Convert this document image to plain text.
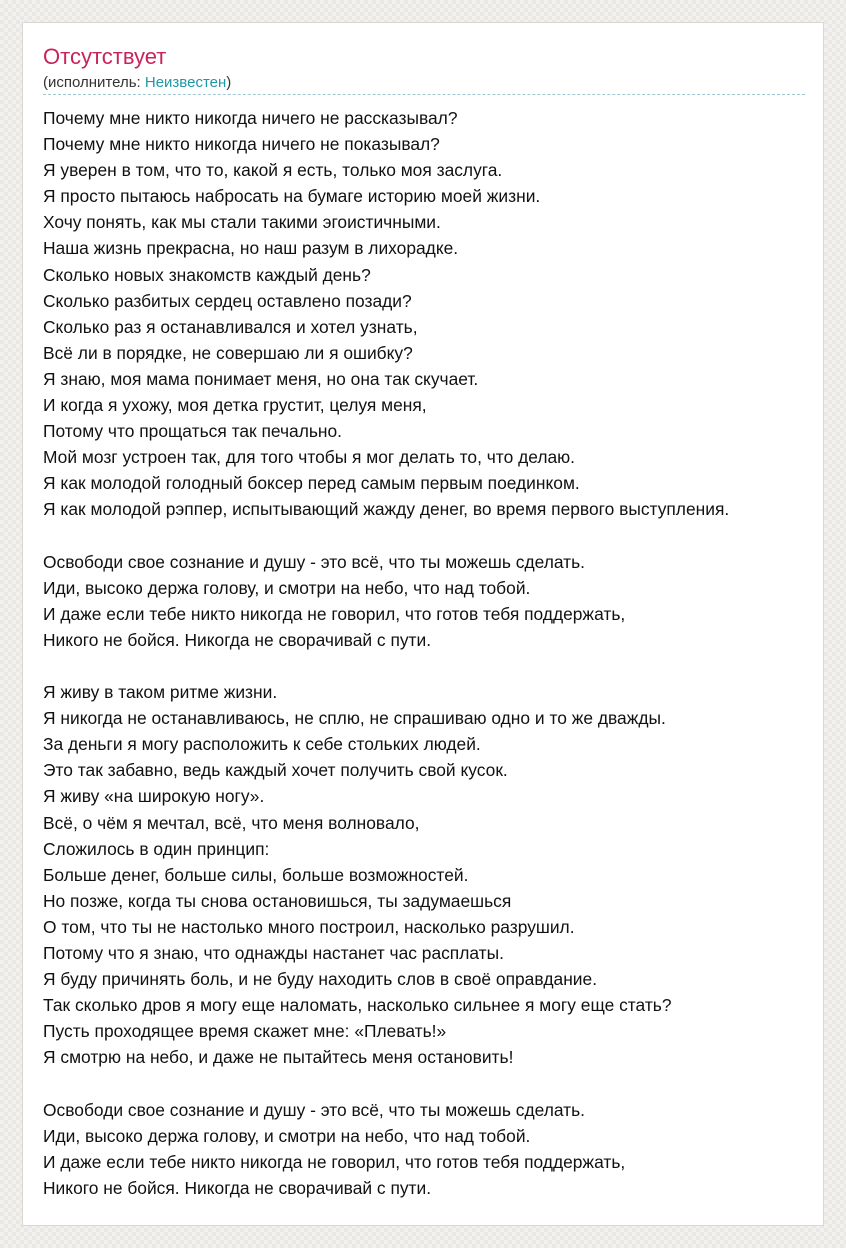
Отсутствует
(исполнитель: Неизвестен)
Почему мне никто никогда ничего не рассказывал?
Почему мне никто никогда ничего не показывал?
Я уверен в том, что то, какой я есть, только моя заслуга.
Я просто пытаюсь набросать на бумаге историю моей жизни.
Хочу понять, как мы стали такими эгоистичными.
Наша жизнь прекрасна, но наш разум в лихорадке.
Сколько новых знакомств каждый день?
Сколько разбитых сердец оставлено позади?
Сколько раз я останавливался и хотел узнать,
Всё ли в порядке, не совершаю ли я ошибку?
Я знаю, моя мама понимает меня, но она так скучает.
И когда я ухожу, моя детка грустит, целуя меня,
Потому что прощаться так печально.
Мой мозг устроен так, для того чтобы я мог делать то, что делаю.
Я как молодой голодный боксер перед самым первым поединком.
Я как молодой рэппер, испытывающий жажду денег, во время первого выступления.
Освободи свое сознание и душу - это всё, что ты можешь сделать.
Иди, высоко держа голову, и смотри на небо, что над тобой.
И даже если тебе никто никогда не говорил, что готов тебя поддержать,
Никого не бойся. Никогда не сворачивай с пути.
Я живу в таком ритме жизни.
Я никогда не останавливаюсь, не сплю, не спрашиваю одно и то же дважды.
За деньги я могу расположить к себе стольких людей.
Это так забавно, ведь каждый хочет получить свой кусок.
Я живу «на широкую ногу».
Всё, о чём я мечтал, всё, что меня волновало,
Сложилось в один принцип:
Больше денег, больше силы, больше возможностей.
Но позже, когда ты снова остановишься, ты задумаешься
О том, что ты не настолько много построил, насколько разрушил.
Потому что я знаю, что однажды настанет час расплаты.
Я буду причинять боль, и не буду находить слов в своё оправдание.
Так сколько дров я могу еще наломать, насколько сильнее я могу еще стать?
Пусть проходящее время скажет мне: «Плевать!»
Я смотрю на небо, и даже не пытайтесь меня остановить!
Освободи свое сознание и душу - это всё, что ты можешь сделать.
Иди, высоко держа голову, и смотри на небо, что над тобой.
И даже если тебе никто никогда не говорил, что готов тебя поддержать,
Никого не бойся. Никогда не сворачивай с пути.
